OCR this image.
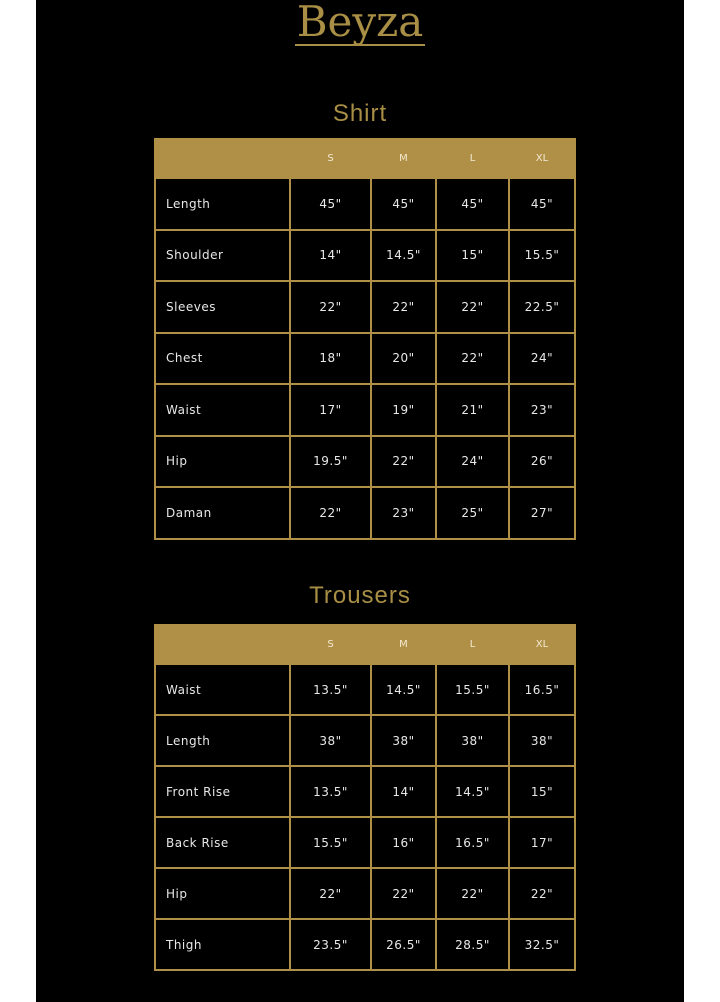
Beyza
Shirt
	S	M	L	XL
Length	45"	45"	45"	45"
Shoulder	14"	14.5"	15"	15.5"
Sleeves	22"	22"	22"	22.5"
Chest	18"	20"	22"	24"
Waist	17"	19"	21"	23"
Hip	19.5"	22"	24"	26"
Daman	22"	23"	25"	27"
Trousers
	S	M	L	XL
Waist	13.5"	14.5"	15.5"	16.5"
Length	38"	38"	38"	38"
Front Rise	13.5"	14"	14.5"	15"
Back Rise	15.5"	16"	16.5"	17"
Hip	22"	22"	22"	22"
Thigh	23.5"	26.5"	28.5"	32.5"
